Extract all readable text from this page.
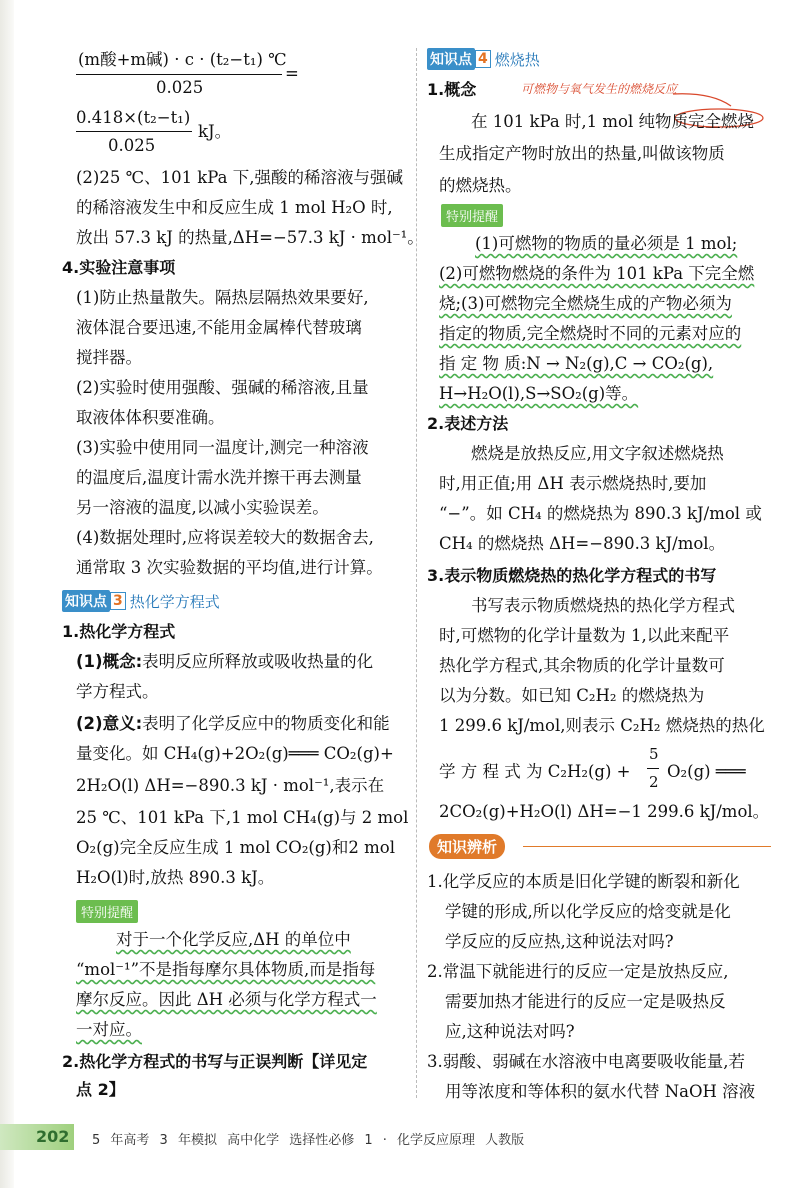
(m酸+m碱) · c · (t₂−t₁) ℃
=
0.025
0.418×(t₂−t₁)
kJ。
0.025
(2)25 ℃、101 kPa 下,强酸的稀溶液与强碱
的稀溶液发生中和反应生成 1 mol H₂O 时,
放出 57.3 kJ 的热量,ΔH=−57.3 kJ · mol⁻¹。
4.实验注意事项
(1)防止热量散失。隔热层隔热效果要好,
液体混合要迅速,不能用金属棒代替玻璃
搅拌器。
(2)实验时使用强酸、强碱的稀溶液,且量
取液体体积要准确。
(3)实验中使用同一温度计,测完一种溶液
的温度后,温度计需水洗并擦干再去测量
另一溶液的温度,以减小实验误差。
(4)数据处理时,应将误差较大的数据舍去,
通常取 3 次实验数据的平均值,进行计算。
知识点 3 热化学方程式
1.热化学方程式
(1)概念:表明反应所释放或吸收热量的化
学方程式。
(2)意义:表明了化学反应中的物质变化和能
量变化。如 CH₄(g)+2O₂(g)═══ CO₂(g)+
2H₂O(l) ΔH=−890.3 kJ · mol⁻¹,表示在
25 ℃、101 kPa 下,1 mol CH₄(g)与 2 mol
O₂(g)完全反应生成 1 mol CO₂(g)和2 mol
H₂O(l)时,放热 890.3 kJ。
特别提醒
对于一个化学反应,ΔH 的单位中
“mol⁻¹”不是指每摩尔具体物质,而是指每
摩尔反应。因此 ΔH 必须与化学方程式一
一对应。
2.热化学方程式的书写与正误判断【详见定
点 2】
知识点 4 燃烧热
1.概念	可燃物与氧气发生的燃烧反应
在 101 kPa 时,1 mol 纯物质完全燃烧
生成指定产物时放出的热量,叫做该物质
的燃烧热。
特别提醒
(1)可燃物的物质的量必须是 1 mol;
(2)可燃物燃烧的条件为 101 kPa 下完全燃
烧;(3)可燃物完全燃烧生成的产物必须为
指定的物质,完全燃烧时不同的元素对应的
指 定 物 质:N → N₂(g),C → CO₂(g),
H→H₂O(l),S→SO₂(g)等。
2.表述方法
燃烧是放热反应,用文字叙述燃烧热
时,用正值;用 ΔH 表示燃烧热时,要加
“−”。如 CH₄ 的燃烧热为 890.3 kJ/mol 或
CH₄ 的燃烧热 ΔH=−890.3 kJ/mol。
3.表示物质燃烧热的热化学方程式的书写
书写表示物质燃烧热的热化学方程式
时,可燃物的化学计量数为 1,以此来配平
热化学方程式,其余物质的化学计量数可
以为分数。如已知 C₂H₂ 的燃烧热为
1 299.6 kJ/mol,则表示 C₂H₂ 燃烧热的热化
学 方 程 式 为 C₂H₂(g) +
5
2
O₂(g) ═══
2CO₂(g)+H₂O(l) ΔH=−1 299.6 kJ/mol。
知识辨析
1.化学反应的本质是旧化学键的断裂和新化
学键的形成,所以化学反应的焓变就是化
学反应的反应热,这种说法对吗?
2.常温下就能进行的反应一定是放热反应,
需要加热才能进行的反应一定是吸热反
应,这种说法对吗?
3.弱酸、弱碱在水溶液中电离要吸收能量,若
用等浓度和等体积的氨水代替 NaOH 溶液
202 5 年高考 3 年模拟 高中化学 选择性必修 1 · 化学反应原理 人教版
